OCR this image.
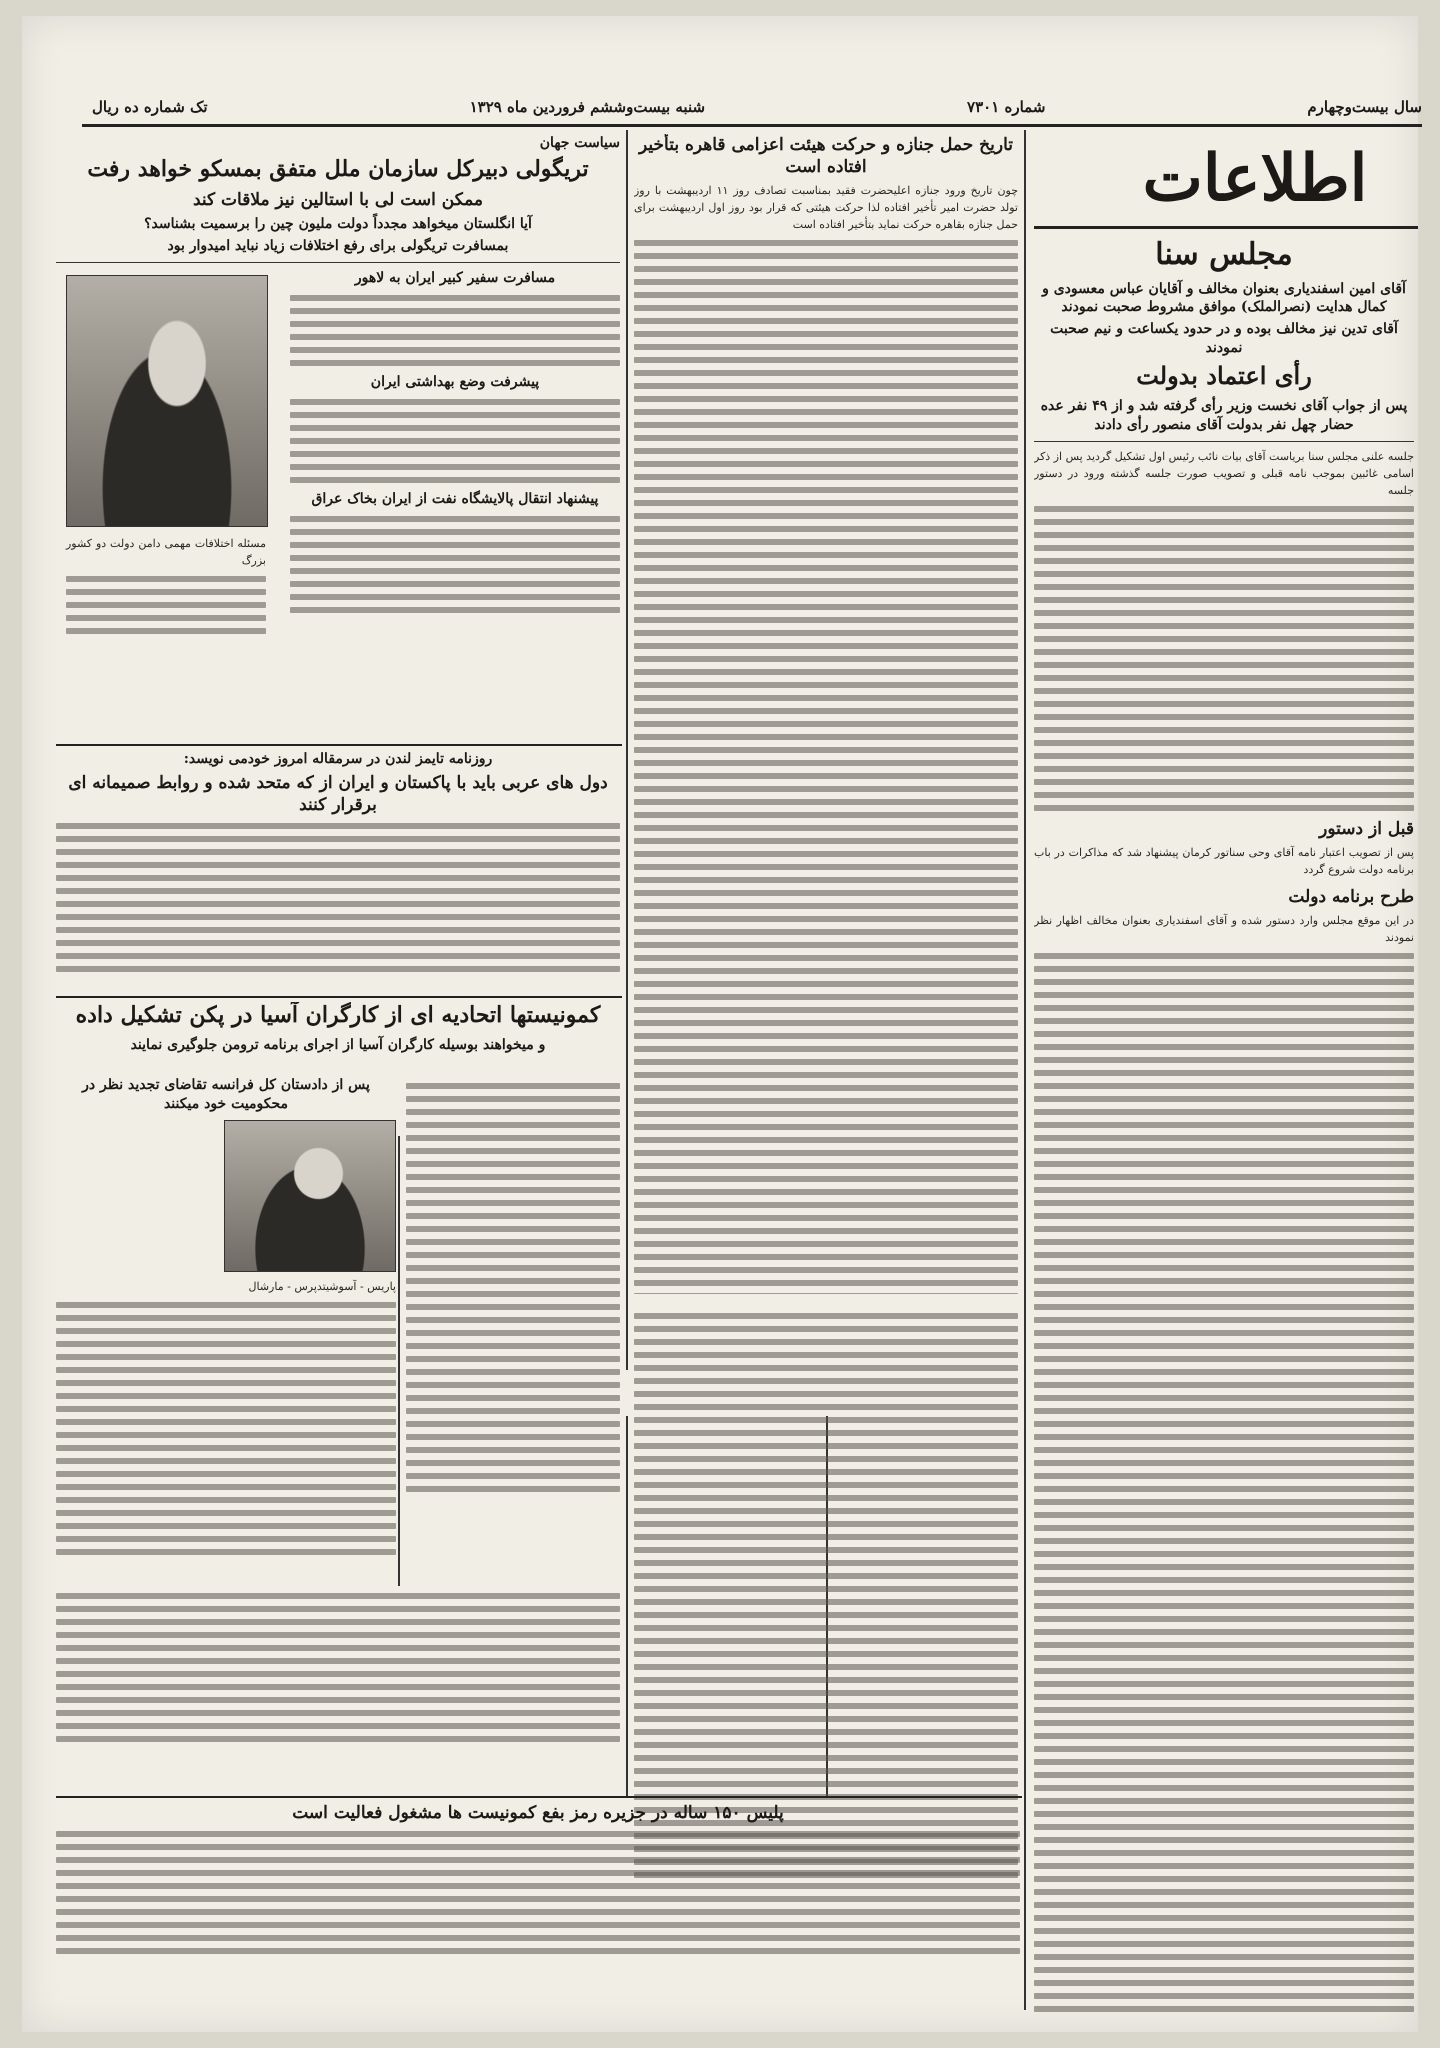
سال بیست‌وچهارم
شماره ۷۳۰۱
شنبه بیست‌وششم فروردین ماه ۱۳۲۹
تک شماره ده ریال
اطلاعات
مجلس سنا
آقای امین اسفندیاری بعنوان مخالف و آقایان عباس معسودی و کمال هدایت (نصرالملک) موافق مشروط صحبت نمودند
آقای تدین نیز مخالف بوده و در حدود یکساعت و نیم صحبت نمودند
رأی اعتماد بدولت
پس از جواب آقای نخست وزیر رأی گرفته شد و از ۴۹ نفر عده حضار چهل نفر بدولت آقای منصور رأی دادند
جلسه علنی مجلس سنا بریاست آقای بیات نائب رئیس اول تشکیل گردید پس از ذکر اسامی غائبین بموجب نامه قبلی و تصویب صورت جلسه گذشته ورود در دستور جلسه
قبل از دستور
پس از تصویب اعتبار نامه آقای وحی سناتور کرمان پیشنهاد شد که مذاکرات در باب برنامه دولت شروع گردد
طرح برنامه دولت
در این موقع مجلس وارد دستور شده و آقای اسفندیاری بعنوان مخالف اظهار نظر نمودند
تاریخ حمل جنازه و حرکت هیئت اعزامی قاهره بتأخیر افتاده است
چون تاریخ ورود جنازه اعلیحضرت فقید بمناسبت تصادف روز ۱۱ اردیبهشت با روز تولد حضرت امیر تأخیر افتاده لذا حرکت هیئتی که قرار بود روز اول اردیبهشت برای حمل جنازه بقاهره حرکت نماید بتأخیر افتاده است
سیاست جهان
تریگولی دبیرکل سازمان ملل متفق بمسکو خواهد رفت
ممکن است لی با استالین نیز ملاقات کند
آیا انگلستان میخواهد مجدداً دولت ملیون چین را برسمیت بشناسد؟
بمسافرت تریگولی برای رفع اختلافات زیاد نباید امیدوار بود
مسافرت سفیر کبیر ایران به لاهور
پیشرفت وضع بهداشتی ایران
پیشنهاد انتقال پالایشگاه نفت از ایران بخاک عراق
مسئله اختلافات مهمی دامن دولت دو کشور بزرگ
روزنامه تایمز لندن در سرمقاله امروز خودمی نویسد:
دول های عربی باید با پاکستان و ایران از که متحد شده و روابط صمیمانه ای برقرار کنند
کمونیستها اتحادیه ای از کارگران آسیا در پکن تشکیل داده
و میخواهند بوسیله کارگران آسیا از اجرای برنامه ترومن جلوگیری نمایند
پس از دادستان کل فرانسه تقاضای تجدید نظر در محکومیت خود میکنند
پاریس - آسوشیتدپرس - مارشال
پلیس ۱۵۰ ساله در جزیره رمز بفع کمونیست ها مشغول فعالیت است
